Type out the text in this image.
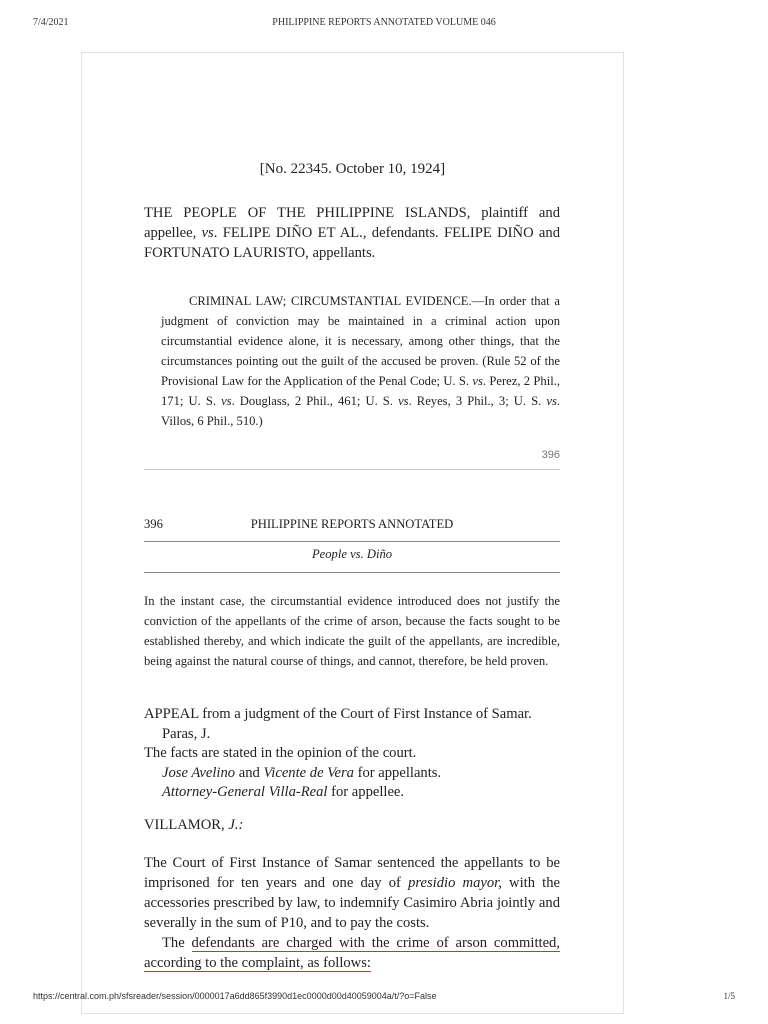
7/4/2021	PHILIPPINE REPORTS ANNOTATED VOLUME 046
[No. 22345. October 10, 1924]
THE PEOPLE OF THE PHILIPPINE ISLANDS, plaintiff and appellee, vs. FELIPE DIÑO ET AL., defendants. FELIPE DIÑO and FORTUNATO LAURISTO, appellants.
CRIMINAL LAW; CIRCUMSTANTIAL EVIDENCE.—In order that a judgment of conviction may be maintained in a criminal action upon circumstantial evidence alone, it is necessary, among other things, that the circumstances pointing out the guilt of the accused be proven. (Rule 52 of the Provisional Law for the Application of the Penal Code; U. S. vs. Perez, 2 Phil., 171; U. S. vs. Douglass, 2 Phil., 461; U. S. vs. Reyes, 3 Phil., 3; U. S. vs. Villos, 6 Phil., 510.)
396
396	PHILIPPINE REPORTS ANNOTATED
People vs. Diño
In the instant case, the circumstantial evidence introduced does not justify the conviction of the appellants of the crime of arson, because the facts sought to be established thereby, and which indicate the guilt of the appellants, are incredible, being against the natural course of things, and cannot, therefore, be held proven.
APPEAL from a judgment of the Court of First Instance of Samar.
Paras, J.
The facts are stated in the opinion of the court.
Jose Avelino and Vicente de Vera for appellants.
Attorney-General Villa-Real for appellee.
VILLAMOR, J.:
The Court of First Instance of Samar sentenced the appellants to be imprisoned for ten years and one day of presidio mayor, with the accessories prescribed by law, to indemnify Casimiro Abria jointly and severally in the sum of P10, and to pay the costs.
The defendants are charged with the crime of arson committed, according to the complaint, as follows:
https://central.com.ph/sfsreader/session/0000017a6dd865f3990d1ec0000d00d40059004a/t/?o=False	1/5
